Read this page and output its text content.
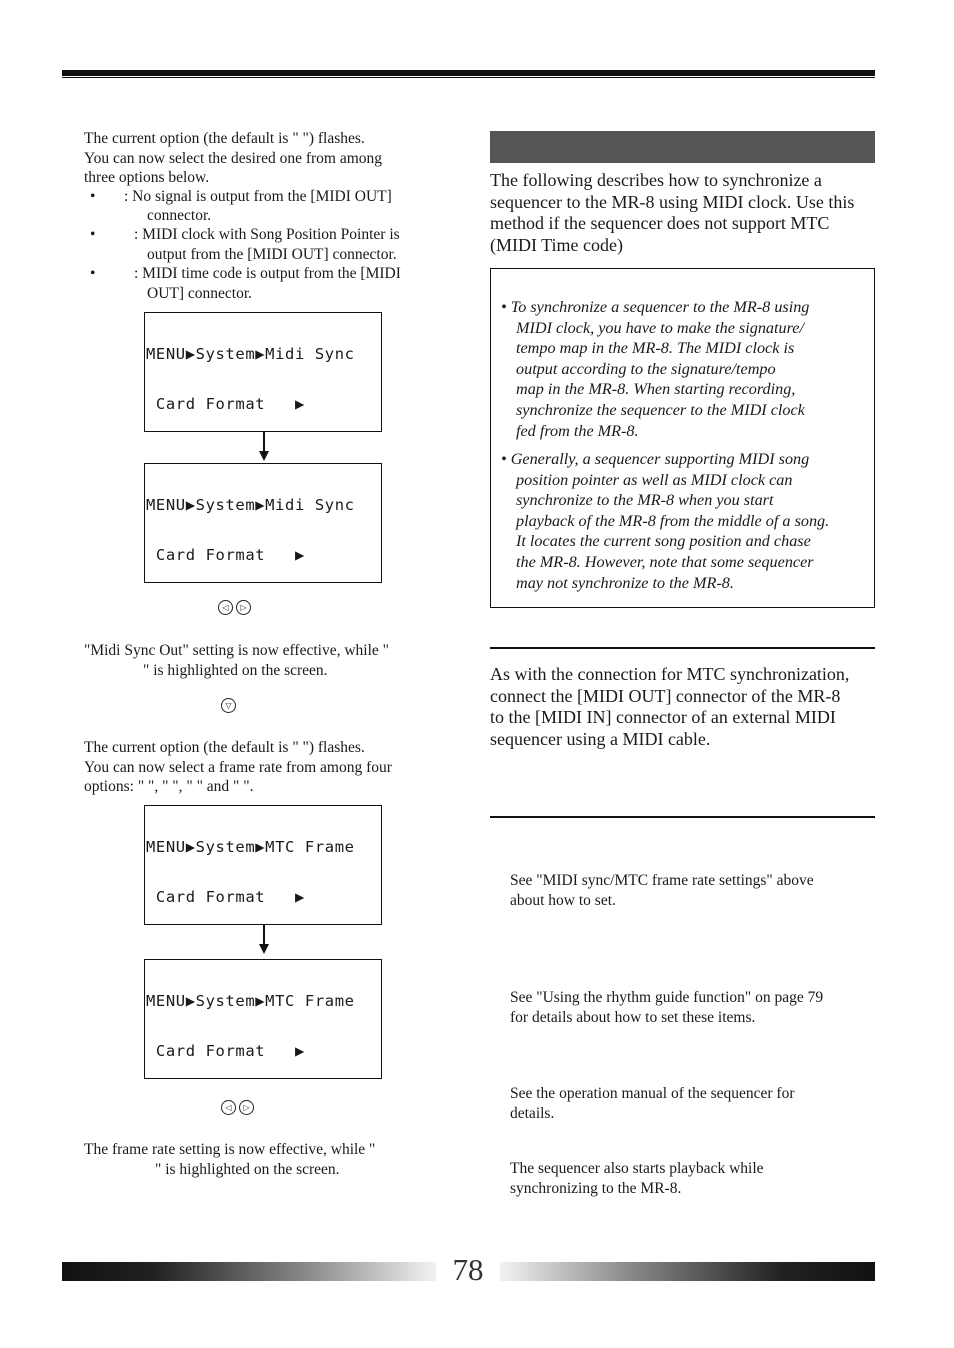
The current option (the default is " ") flashes.
You can now select the desired one from among
three options below.
• : No signal is output from the [MIDI OUT]
connector.
• : MIDI clock with Song Position Pointer is
output from the [MIDI OUT] connector.
• : MIDI time code is output from the [MIDI
OUT] connector.

MENU▶System▶Midi Sync

Card Format   ▶

MENU▶System▶Midi Sync

Card Format   ▶

◁	▷
"Midi Sync Out" setting is now effective, while "
" is highlighted on the screen.
▽
The current option (the default is " ") flashes.
You can now select a frame rate from among four
options: " ", " ", " " and " ".

MENU▶System▶MTC Frame

Card Format   ▶

MENU▶System▶MTC Frame

Card Format   ▶

◁	▷
The frame rate setting is now effective, while "
" is highlighted on the screen.
The following describes how to synchronize a
sequencer to the MR-8 using MIDI clock. Use this
method if the sequencer does not support MTC
(MIDI Time code)
• To synchronize a sequencer to the MR-8 using
MIDI clock, you have to make the signature/
tempo map in the MR-8. The MIDI clock is
output according to the signature/tempo
map in the MR-8. When starting recording,
synchronize the sequencer to the MIDI clock
fed from the MR-8.
• Generally, a sequencer supporting MIDI song
position pointer as well as MIDI clock can
synchronize to the MR-8 when you start
playback of the MR-8 from the middle of a song.
It locates the current song position and chase
the MR-8. However, note that some sequencer
may not synchronize to the MR-8.
As with the connection for MTC synchronization,
connect the [MIDI OUT] connector of the MR-8
to the [MIDI IN] connector of an external MIDI
sequencer using a MIDI cable.
See "MIDI sync/MTC frame rate settings" above
about how to set.
See "Using the rhythm guide function" on page 79
for details about how to set these items.
See the operation manual of the sequencer for
details.
The sequencer also starts playback while
synchronizing to the MR-8.
78
